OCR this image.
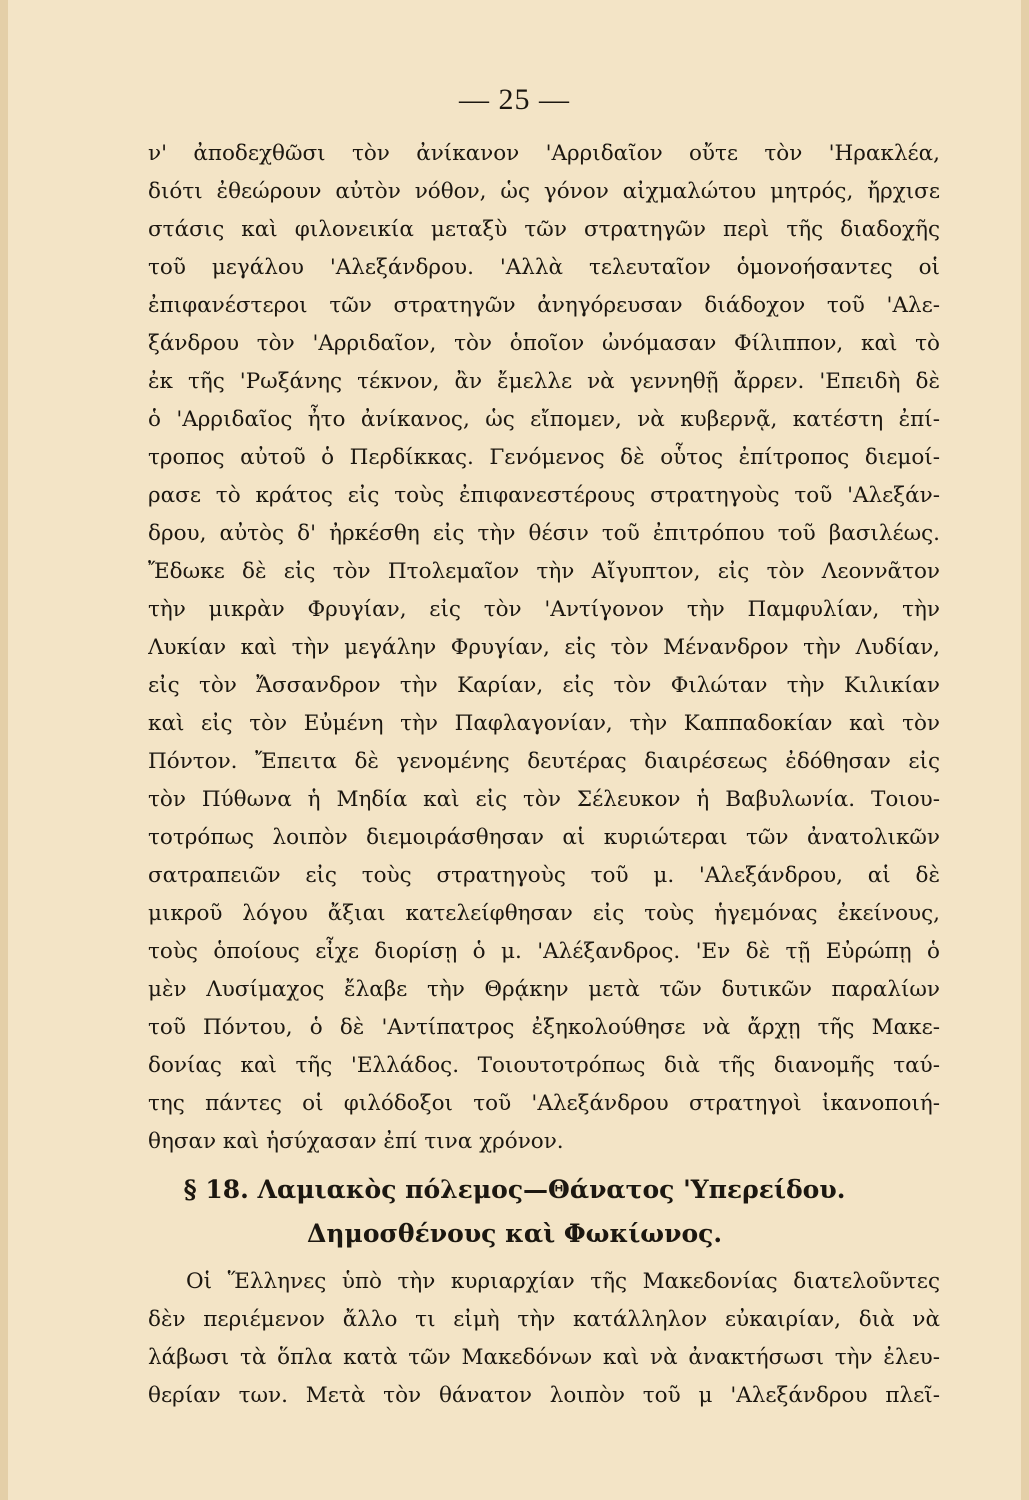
— 25 —
ν' ἀποδεχθῶσι τὸν ἀνίκανον 'Αρριδαῖον οὔτε τὸν 'Ηρακλέα,
διότι ἐθεώρουν αὐτὸν νόθον, ὡς γόνον αἰχμαλώτου μητρός, ἤρχισε
στάσις καὶ φιλονεικία μεταξὺ τῶν στρατηγῶν περὶ τῆς διαδοχῆς
τοῦ μεγάλου 'Αλεξάνδρου. 'Αλλὰ τελευταῖον ὁμονοήσαντες οἱ
ἐπιφανέστεροι τῶν στρατηγῶν ἀνηγόρευσαν διάδοχον τοῦ 'Αλε-
ξάνδρου τὸν 'Αρριδαῖον, τὸν ὁποῖον ὠνόμασαν Φίλιππον, καὶ τὸ
ἐκ τῆς 'Ρωξάνης τέκνον, ἂν ἔμελλε νὰ γεννηθῇ ἄρρεν. 'Επειδὴ δὲ
ὁ 'Αρριδαῖος ἦτο ἀνίκανος, ὡς εἴπομεν, νὰ κυβερνᾷ, κατέστη ἐπί-
τροπος αὐτοῦ ὁ Περδίκκας. Γενόμενος δὲ οὗτος ἐπίτροπος διεμοί-
ρασε τὸ κράτος εἰς τοὺς ἐπιφανεστέρους στρατηγοὺς τοῦ 'Αλεξάν-
δρου, αὐτὸς δ' ἠρκέσθη εἰς τὴν θέσιν τοῦ ἐπιτρόπου τοῦ βασιλέως.
Ἔδωκε δὲ εἰς τὸν Πτολεμαῖον τὴν Αἴγυπτον, εἰς τὸν Λεοννᾶτον
τὴν μικρὰν Φρυγίαν, εἰς τὸν 'Αντίγονον τὴν Παμφυλίαν, τὴν
Λυκίαν καὶ τὴν μεγάλην Φρυγίαν, εἰς τὸν Μένανδρον τὴν Λυδίαν,
εἰς τὸν Ἄσσανδρον τὴν Καρίαν, εἰς τὸν Φιλώταν τὴν Κιλικίαν
καὶ εἰς τὸν Εὐμένη τὴν Παφλαγονίαν, τὴν Καππαδοκίαν καὶ τὸν
Πόντον. Ἔπειτα δὲ γενομένης δευτέρας διαιρέσεως ἐδόθησαν εἰς
τὸν Πύθωνα ἡ Μηδία καὶ εἰς τὸν Σέλευκον ἡ Βαβυλωνία. Τοιου-
τοτρόπως λοιπὸν διεμοιράσθησαν αἱ κυριώτεραι τῶν ἀνατολικῶν
σατραπειῶν εἰς τοὺς στρατηγοὺς τοῦ μ. 'Αλεξάνδρου, αἱ δὲ
μικροῦ λόγου ἄξιαι κατελείφθησαν εἰς τοὺς ἡγεμόνας ἐκείνους,
τοὺς ὁποίους εἶχε διορίσῃ ὁ μ. 'Αλέξανδρος. 'Εν δὲ τῇ Εὐρώπῃ ὁ
μὲν Λυσίμαχος ἔλαβε τὴν Θρᾴκην μετὰ τῶν δυτικῶν παραλίων
τοῦ Πόντου, ὁ δὲ 'Αντίπατρος ἐξηκολούθησε νὰ ἄρχῃ τῆς Μακε-
δονίας καὶ τῆς 'Ελλάδος. Τοιουτοτρόπως διὰ τῆς διανομῆς ταύ-
της πάντες οἱ φιλόδοξοι τοῦ 'Αλεξάνδρου στρατηγοὶ ἱκανοποιή-
θησαν καὶ ἡσύχασαν ἐπί τινα χρόνον.
§ 18. Λαμιακὸς πόλεμος—Θάνατος 'Υπερείδου.
Δημοσθένους καὶ Φωκίωνος.
Οἱ Ἕλληνες ὑπὸ τὴν κυριαρχίαν τῆς Μακεδονίας διατελοῦντες
δὲν περιέμενον ἄλλο τι εἰμὴ τὴν κατάλληλον εὐκαιρίαν, διὰ νὰ
λάβωσι τὰ ὅπλα κατὰ τῶν Μακεδόνων καὶ νὰ ἀνακτήσωσι τὴν ἐλευ-
θερίαν των. Μετὰ τὸν θάνατον λοιπὸν τοῦ μ 'Αλεξάνδρου πλεῖ-
